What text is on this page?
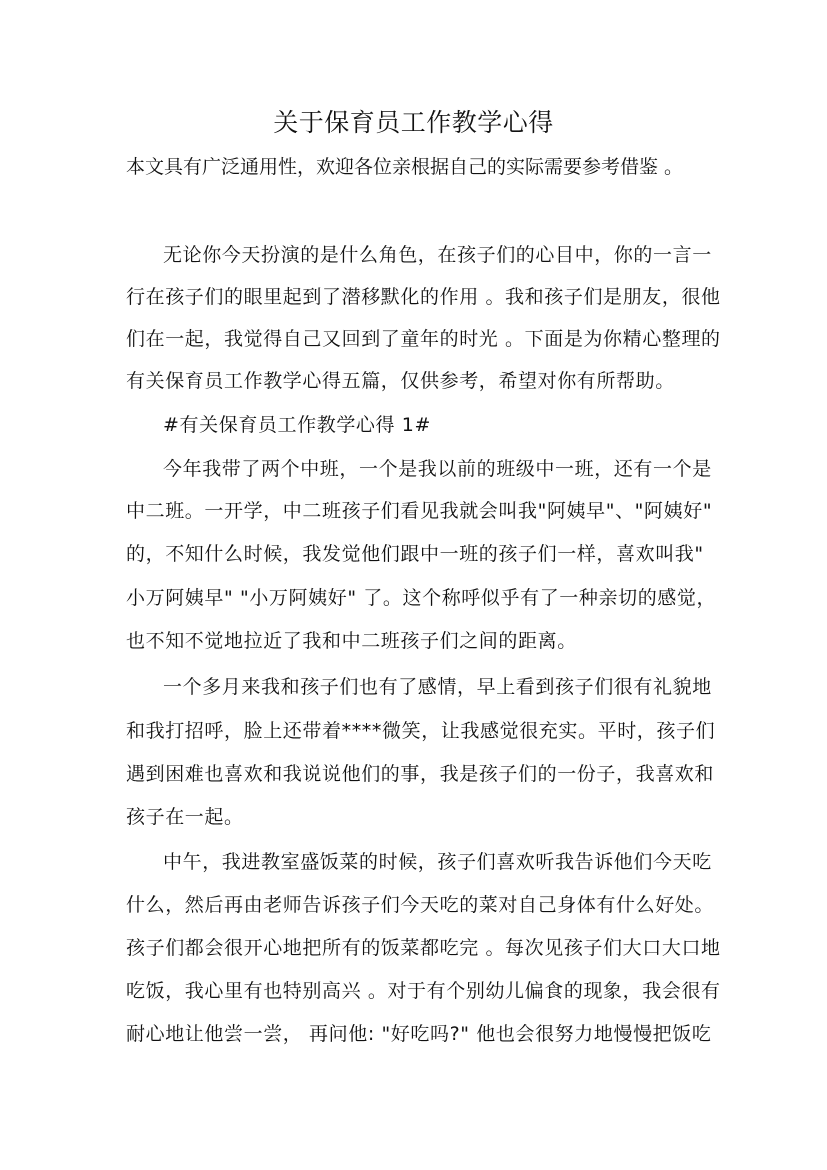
关于保育员工作教学心得
本文具有广泛通用性，欢迎各位亲根据自己的实际需要参考借鉴 。
无论你今天扮演的是什么角色，在孩子们的心目中，你的一言一
行在孩子们的眼里起到了潜移默化的作用 。我和孩子们是朋友，很他
们在一起，我觉得自己又回到了童年的时光 。下面是为你精心整理的
有关保育员工作教学心得五篇，仅供参考，希望对你有所帮助。
#有关保育员工作教学心得 1#
今年我带了两个中班，一个是我以前的班级中一班，还有一个是
中二班。一开学，中二班孩子们看见我就会叫我"阿姨早"、"阿姨好"
的，不知什么时候，我发觉他们跟中一班的孩子们一样，喜欢叫我"
小万阿姨早" "小万阿姨好" 了。这个称呼似乎有了一种亲切的感觉，
也不知不觉地拉近了我和中二班孩子们之间的距离。
一个多月来我和孩子们也有了感情，早上看到孩子们很有礼貌地
和我打招呼，脸上还带着****微笑，让我感觉很充实。平时，孩子们
遇到困难也喜欢和我说说他们的事，我是孩子们的一份子，我喜欢和
孩子在一起。
中午，我进教室盛饭菜的时候，孩子们喜欢听我告诉他们今天吃
什么，然后再由老师告诉孩子们今天吃的菜对自己身体有什么好处。
孩子们都会很开心地把所有的饭菜都吃完 。每次见孩子们大口大口地
吃饭，我心里有也特别高兴 。对于有个别幼儿偏食的现象，我会很有
耐心地让他尝一尝， 再问他: "好吃吗?" 他也会很努力地慢慢把饭吃
